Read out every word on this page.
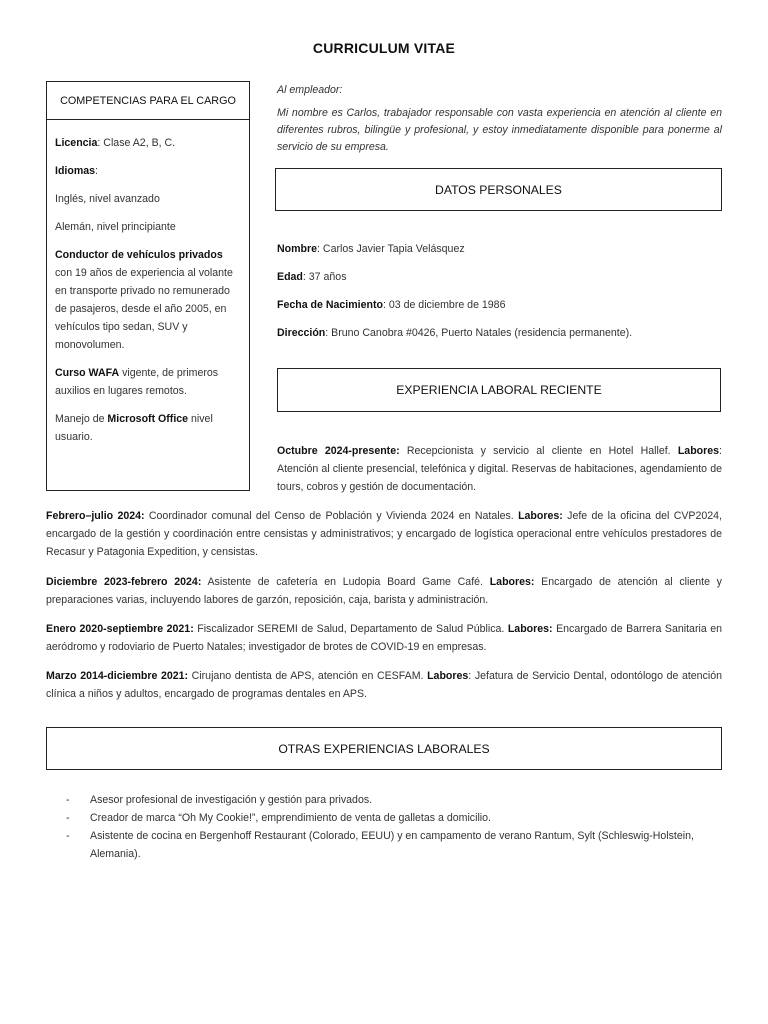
CURRICULUM VITAE
COMPETENCIAS PARA EL CARGO

Licencia: Clase A2, B, C.

Idiomas:

Inglés, nivel avanzado

Alemán, nivel principiante

Conductor de vehículos privados
con 19 años de experiencia al volante en transporte privado no remunerado de pasajeros, desde el año 2005, en vehículos tipo sedan, SUV y monovolumen.

Curso WAFA vigente, de primeros auxilios en lugares remotos.

Manejo de Microsoft Office nivel usuario.

Al empleador:

Mi nombre es Carlos, trabajador responsable con vasta experiencia en atención al cliente en diferentes rubros, bilingüe y profesional, y estoy inmediatamente disponible para ponerme al servicio de su empresa.

DATOS PERSONALES

Nombre: Carlos Javier Tapia Velásquez

Edad: 37 años

Fecha de Nacimiento: 03 de diciembre de 1986

Dirección: Bruno Canobra #0426, Puerto Natales (residencia permanente).

EXPERIENCIA LABORAL RECIENTE
Octubre 2024-presente: Recepcionista y servicio al cliente en Hotel Hallef. Labores: Atención al cliente presencial, telefónica y digital. Reservas de habitaciones, agendamiento de tours, cobros y gestión de documentación.
Febrero–julio 2024: Coordinador comunal del Censo de Población y Vivienda 2024 en Natales. Labores: Jefe de la oficina del CVP2024, encargado de la gestión y coordinación entre censistas y administrativos; y encargado de logística operacional entre vehículos prestadores de Recasur y Patagonia Expedition, y censistas.
Diciembre 2023-febrero 2024: Asistente de cafetería en Ludopia Board Game Café. Labores: Encargado de atención al cliente y preparaciones varias, incluyendo labores de garzón, reposición, caja, barista y administración.
Enero 2020-septiembre 2021: Fiscalizador SEREMI de Salud, Departamento de Salud Pública. Labores: Encargado de Barrera Sanitaria en aeródromo y rodoviario de Puerto Natales; investigador de brotes de COVID-19 en empresas.
Marzo 2014-diciembre 2021: Cirujano dentista de APS, atención en CESFAM. Labores: Jefatura de Servicio Dental, odontólogo de atención clínica a niños y adultos, encargado de programas dentales en APS.
OTRAS EXPERIENCIAS LABORALES
- Asesor profesional de investigación y gestión para privados.
- Creador de marca “Oh My Cookie!”, emprendimiento de venta de galletas a domicilio.
- Asistente de cocina en Bergenhoff Restaurant (Colorado, EEUU) y en campamento de verano Rantum, Sylt (Schleswig-Holstein, Alemania).
